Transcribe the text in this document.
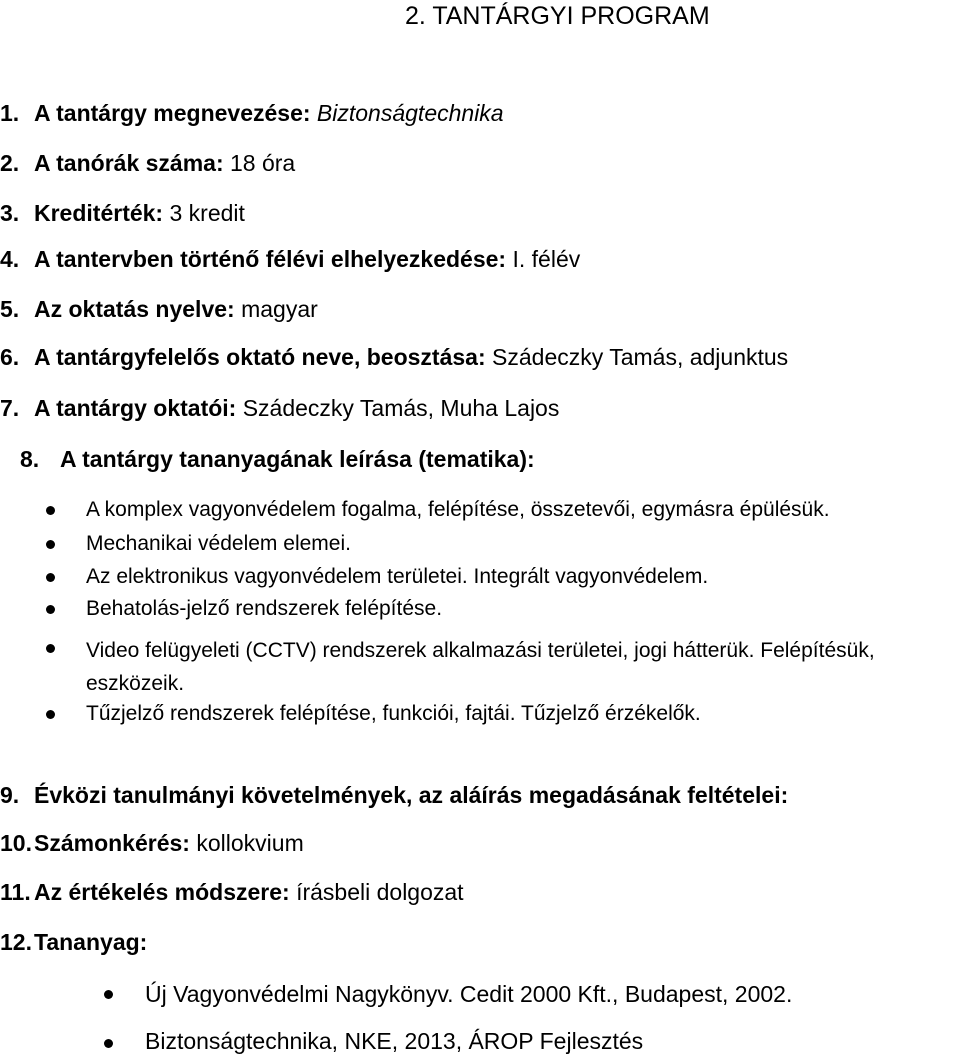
2. TANTÁRGYI PROGRAM
1. A tantárgy megnevezése: Biztonságtechnika
2. A tanórák száma: 18 óra
3. Kreditérték: 3 kredit
4. A tantervben történő félévi elhelyezkedése: I. félév
5. Az oktatás nyelve: magyar
6. A tantárgyfelelős oktató neve, beosztása: Szádeczky Tamás, adjunktus
7. A tantárgy oktatói: Szádeczky Tamás, Muha Lajos
8. A tantárgy tananyagának leírása (tematika):
A komplex vagyonvédelem fogalma, felépítése, összetevői, egymásra épülésük.
Mechanikai védelem elemei.
Az elektronikus vagyonvédelem területei. Integrált vagyonvédelem.
Behatolás-jelző rendszerek felépítése.
Video felügyeleti (CCTV) rendszerek alkalmazási területei, jogi hátterük. Felépítésük, eszközeik.
Tűzjelző rendszerek felépítése, funkciói, fajtái. Tűzjelző érzékelők.
9. Évközi tanulmányi követelmények, az aláírás megadásának feltételei:
10.Számonkérés: kollokvium
11. Az értékelés módszere: írásbeli dolgozat
12.Tananyag:
Új Vagyonvédelmi Nagykönyv. Cedit 2000 Kft., Budapest, 2002.
Biztonságtechnika, NKE, 2013, ÁROP Fejlesztés
